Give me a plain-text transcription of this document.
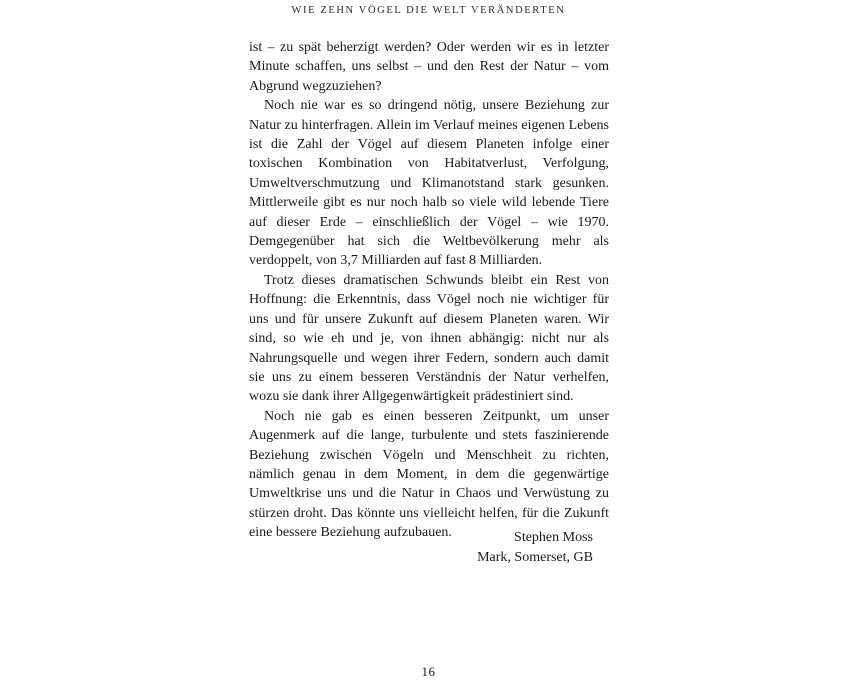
WIE ZEHN VÖGEL DIE WELT VERÄNDERTEN

ist – zu spät beherzigt werden? Oder werden wir es in letzter Minute schaffen, uns selbst – und den Rest der Natur – vom Abgrund wegzuziehen?

Noch nie war es so dringend nötig, unsere Beziehung zur Natur zu hinterfragen. Allein im Verlauf meines eigenen Lebens ist die Zahl der Vögel auf diesem Planeten infolge einer toxischen Kombination von Habitatverlust, Verfolgung, Umweltverschmutzung und Klimanotstand stark gesunken. Mittlerweile gibt es nur noch halb so viele wild lebende Tiere auf dieser Erde – einschließlich der Vögel – wie 1970. Demgegenüber hat sich die Weltbevölkerung mehr als verdoppelt, von 3,7 Milliarden auf fast 8 Milliarden.

Trotz dieses dramatischen Schwunds bleibt ein Rest von Hoffnung: die Erkenntnis, dass Vögel noch nie wichtiger für uns und für unsere Zukunft auf diesem Planeten waren. Wir sind, so wie eh und je, von ihnen abhängig: nicht nur als Nahrungsquelle und wegen ihrer Federn, sondern auch damit sie uns zu einem besseren Verständnis der Natur verhelfen, wozu sie dank ihrer Allgegenwärtigkeit prädestiniert sind.

Noch nie gab es einen besseren Zeitpunkt, um unser Augenmerk auf die lange, turbulente und stets faszinierende Beziehung zwischen Vögeln und Menschheit zu richten, nämlich genau in dem Moment, in dem die gegenwärtige Umweltkrise uns und die Natur in Chaos und Verwüstung zu stürzen droht. Das könnte uns vielleicht helfen, für die Zukunft eine bessere Beziehung aufzubauen.	Stephen Moss
Mark, Somerset, GB
16
